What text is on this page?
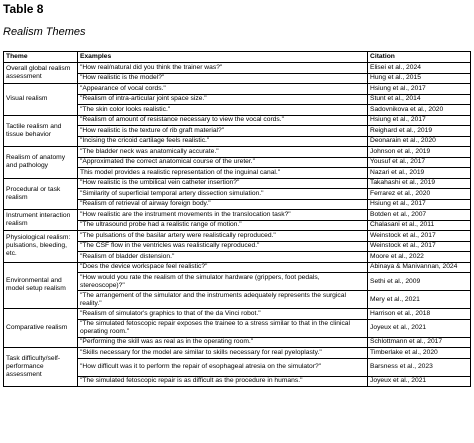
Table 8
Realism Themes
Theme	Examples	Citation
Overall global realism assessment	"How real/natural did you think the trainer was?"	Elisei et al., 2024
	"How realistic is the model?"	Hung et al., 2015
Visual realism	"Appearance of vocal cords."	Hsiung et al., 2017
	"Realism of intra-articular joint space size."	Stunt et al., 2014
	"The skin color looks realistic."	Sadovnikova et al., 2020
Tactile realism and tissue behavior	"Realism of amount of resistance necessary to view the vocal cords."	Hsiung et al., 2017
	"How realistic is the texture of rib graft material?"	Reighard et al., 2019
	"Incising the cricoid cartilage feels realistic."	Deonarain et al., 2020
Realism of anatomy and pathology	"The bladder neck was anatomically accurate."	Johnson et al., 2019
	"Approximated the correct anatomical course of the ureter."	Yousuf et al., 2017
	This model provides a realistic representation of the inguinal canal."	Nazari et al., 2019
Procedural or task realism	"How realistic is the umbilical vein catheter insertion?"	Takahashi et al., 2019
	"Similarity of superficial temporal artery dissection simulation."	Ferrarez et al., 2020
	"Realism of retrieval of airway foreign body."	Hsiung et al., 2017
Instrument interaction realism	"How realistic are the instrument movements in the translocation task?"	Botden et al., 2007
	"The ultrasound probe had a realistic range of motion."	Chalasani et al., 2011
Physiological realism: pulsations, bleeding, etc.	"The pulsations of the basilar artery were realistically reproduced."	Weinstock et al., 2017
	"The CSF flow in the ventricles was realistically reproduced."	Weinstock et al., 2017
	"Realism of bladder distension."	Moore et al., 2022
Environmental and model setup realism	"Does the device workspace feel realistic?"	Abinaya & Manivannan, 2024
	"How would you rate the realism of the simulator hardware (grippers, foot pedals, stereoscope)?"	Sethi et al., 2009
	"The arrangement of the simulator and the instruments adequately represents the surgical reality."	Mery et al., 2021
Comparative realism	"Realism of simulator's graphics to that of the da Vinci robot."	Harrison et al., 2018
	"The simulated fetoscopic repair exposes the trainee to a stress similar to that in the clinical operating room."	Joyeux et al., 2021
	"Performing the skill was as real as in the operating room."	Schlottmann et al., 2017
Task difficulty/self-performance assessment	"Skills necessary for the model are similar to skills necessary for real pyeloplasty."	Timberlake et al., 2020
	"How difficult was it to perform the repair of esophageal atresia on the simulator?"	Barsness et al., 2023
	"The simulated fetoscopic repair is as difficult as the procedure in humans."	Joyeux et al., 2021
